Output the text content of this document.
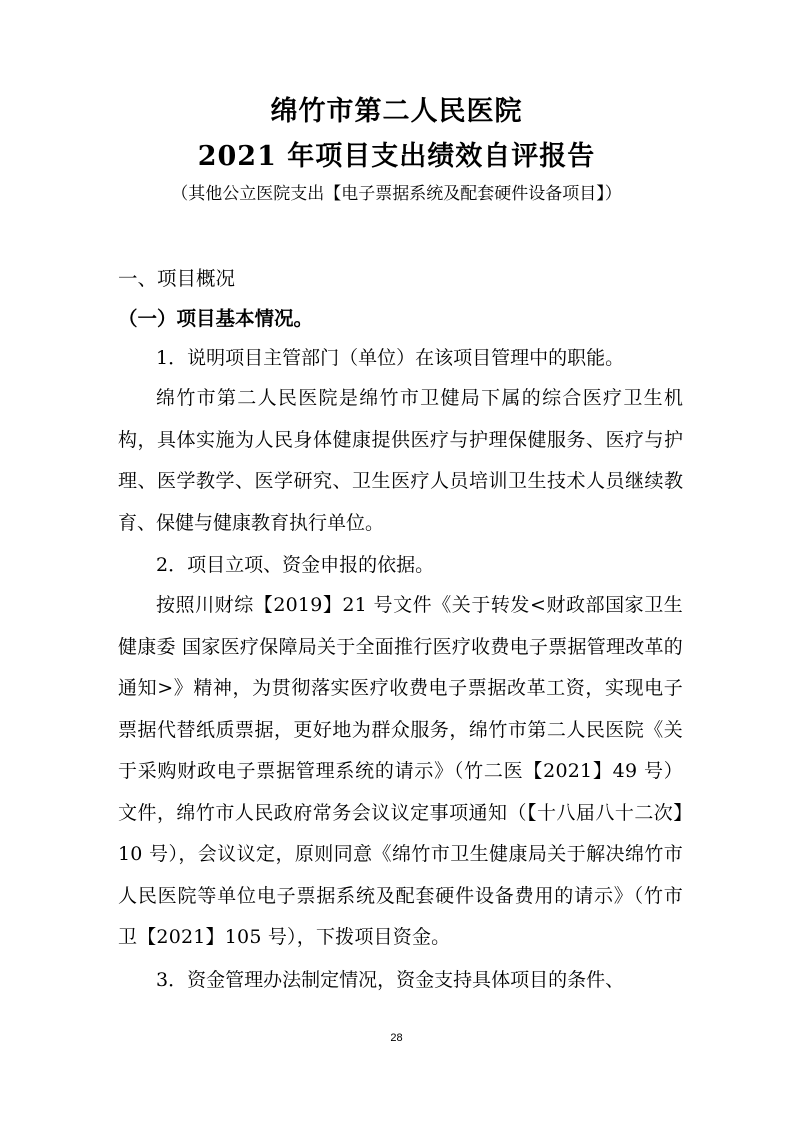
绵竹市第二人民医院
2021 年项目支出绩效自评报告
（其他公立医院支出【电子票据系统及配套硬件设备项目】）
一、项目概况
（一）项目基本情况。
1．说明项目主管部门（单位）在该项目管理中的职能。
绵竹市第二人民医院是绵竹市卫健局下属的综合医疗卫生机构，具体实施为人民身体健康提供医疗与护理保健服务、医疗与护理、医学教学、医学研究、卫生医疗人员培训卫生技术人员继续教育、保健与健康教育执行单位。
2．项目立项、资金申报的依据。
按照川财综【2019】21 号文件《关于转发<财政部国家卫生健康委 国家医疗保障局关于全面推行医疗收费电子票据管理改革的通知>》精神，为贯彻落实医疗收费电子票据改革工资，实现电子票据代替纸质票据，更好地为群众服务，绵竹市第二人民医院《关于采购财政电子票据管理系统的请示》（竹二医【2021】49 号）文件，绵竹市人民政府常务会议议定事项通知（【十八届八十二次】10 号），会议议定，原则同意《绵竹市卫生健康局关于解决绵竹市人民医院等单位电子票据系统及配套硬件设备费用的请示》（竹市卫【2021】105 号），下拨项目资金。
3．资金管理办法制定情况，资金支持具体项目的条件、
28
